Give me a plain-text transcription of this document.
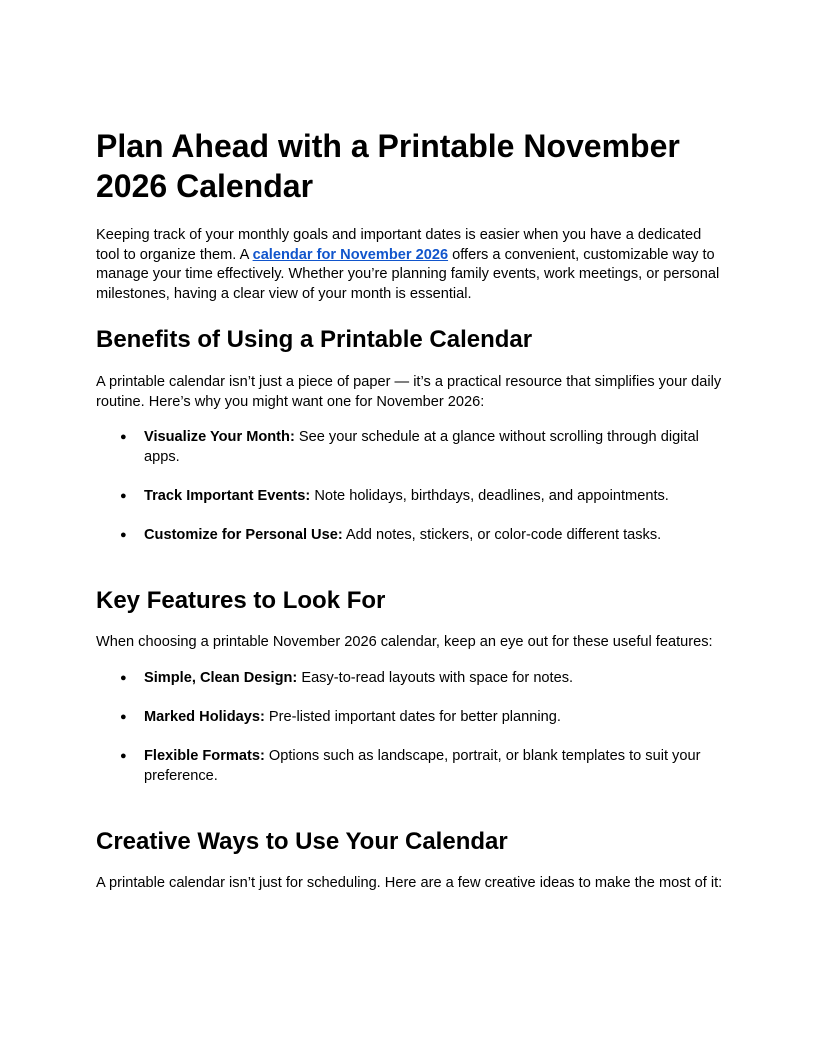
Plan Ahead with a Printable November 2026 Calendar

Keeping track of your monthly goals and important dates is easier when you have a dedicated tool to organize them. A calendar for November 2026 offers a convenient, customizable way to manage your time effectively. Whether you’re planning family events, work meetings, or personal milestones, having a clear view of your month is essential.

Benefits of Using a Printable Calendar

A printable calendar isn’t just a piece of paper — it’s a practical resource that simplifies your daily routine. Here’s why you might want one for November 2026:

● Visualize Your Month: See your schedule at a glance without scrolling through digital apps.
● Track Important Events: Note holidays, birthdays, deadlines, and appointments.
● Customize for Personal Use: Add notes, stickers, or color-code different tasks.
Key Features to Look For

When choosing a printable November 2026 calendar, keep an eye out for these useful features:

● Simple, Clean Design: Easy-to-read layouts with space for notes.
● Marked Holidays: Pre-listed important dates for better planning.
● Flexible Formats: Options such as landscape, portrait, or blank templates to suit your preference.
Creative Ways to Use Your Calendar

A printable calendar isn’t just for scheduling. Here are a few creative ideas to make the most of it:
